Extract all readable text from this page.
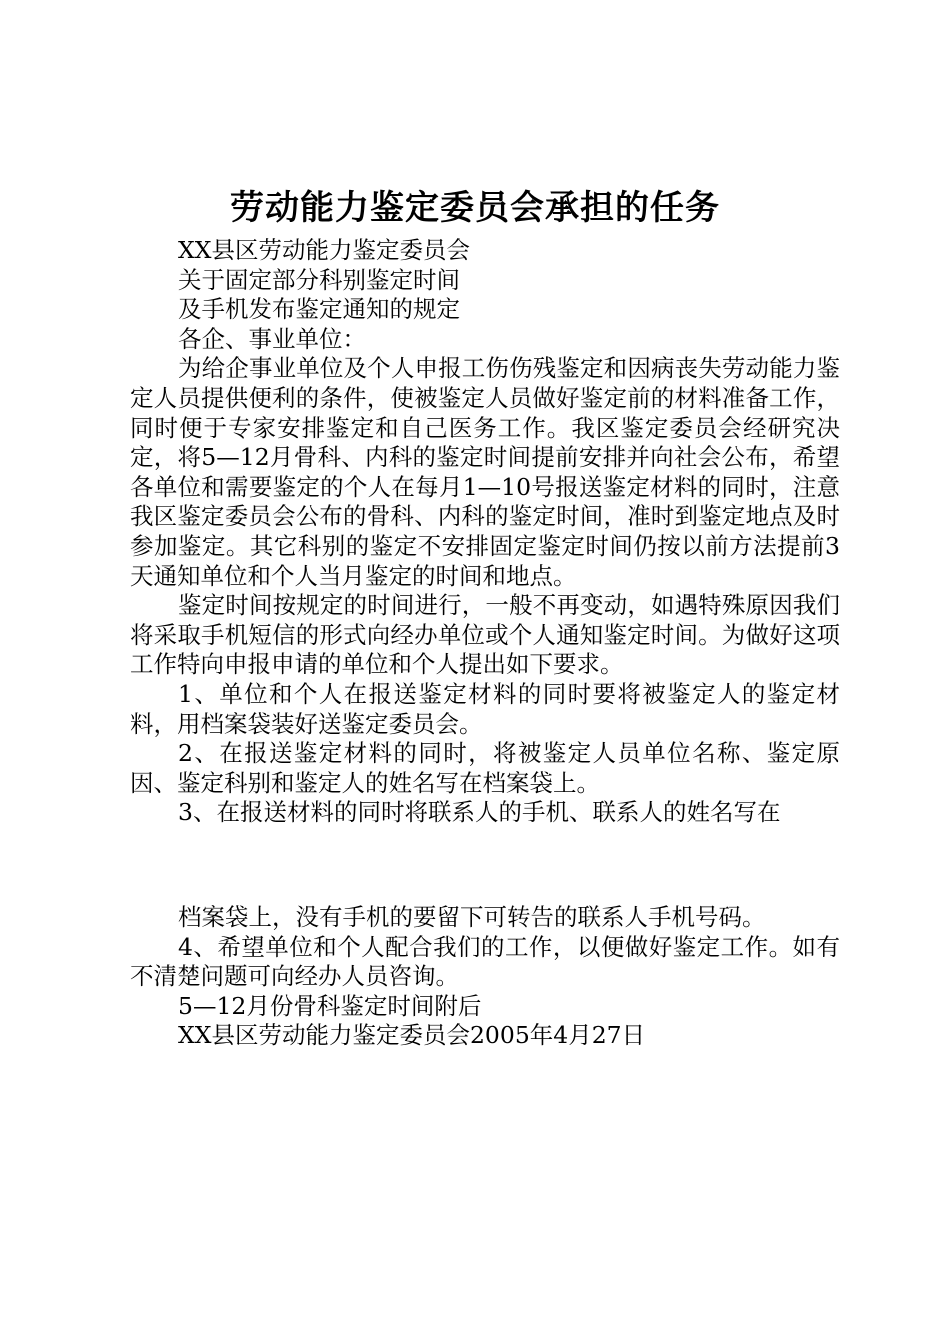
劳动能力鉴定委员会承担的任务

XX县区劳动能力鉴定委员会

关于固定部分科别鉴定时间

及手机发布鉴定通知的规定

各企、事业单位：

为给企事业单位及个人申报工伤伤残鉴定和因病丧失劳动能力鉴定人员提供便利的条件，使被鉴定人员做好鉴定前的材料准备工作，同时便于专家安排鉴定和自己医务工作。我区鉴定委员会经研究决定，将5—12月骨科、内科的鉴定时间提前安排并向社会公布，希望各单位和需要鉴定的个人在每月1—10号报送鉴定材料的同时，注意我区鉴定委员会公布的骨科、内科的鉴定时间，准时到鉴定地点及时参加鉴定。其它科别的鉴定不安排固定鉴定时间仍按以前方法提前3天通知单位和个人当月鉴定的时间和地点。

鉴定时间按规定的时间进行，一般不再变动，如遇特殊原因我们将采取手机短信的形式向经办单位或个人通知鉴定时间。为做好这项工作特向申报申请的单位和个人提出如下要求。

1、单位和个人在报送鉴定材料的同时要将被鉴定人的鉴定材料，用档案袋装好送鉴定委员会。

2、在报送鉴定材料的同时，将被鉴定人员单位名称、鉴定原因、鉴定科别和鉴定人的姓名写在档案袋上。

3、在报送材料的同时将联系人的手机、联系人的姓名写在

档案袋上，没有手机的要留下可转告的联系人手机号码。

4、希望单位和个人配合我们的工作，以便做好鉴定工作。如有不清楚问题可向经办人员咨询。

5—12月份骨科鉴定时间附后

XX县区劳动能力鉴定委员会2005年4月27日
